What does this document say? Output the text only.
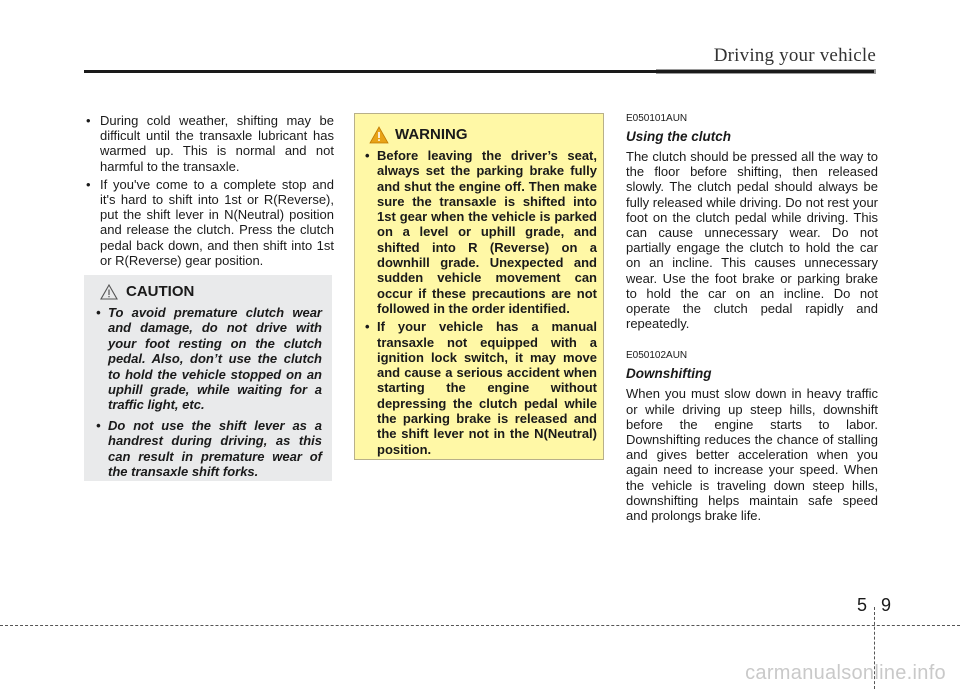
Driving your vehicle
• During cold weather, shifting may be difficult until the transaxle lubricant has warmed up. This is normal and not harmful to the transaxle.
• If you've come to a complete stop and it's hard to shift into 1st or R(Reverse), put the shift lever in N(Neutral) position and release the clutch. Press the clutch pedal back down, and then shift into 1st or R(Reverse) gear position.
CAUTION
• To avoid premature clutch wear and damage, do not drive with your foot resting on the clutch pedal. Also, don’t use the clutch to hold the vehicle stopped on an uphill grade, while waiting for a traffic light, etc.
• Do not use the shift lever as a handrest during driving, as this can result in premature wear of the transaxle shift forks.
WARNING
• Before leaving the driver’s seat, always set the parking brake fully and shut the engine off. Then make sure the transaxle is shifted into 1st gear when the vehicle is parked on a level or uphill grade, and shifted into R (Reverse) on a downhill grade. Unexpected and sudden vehicle movement can occur if these precautions are not followed in the order identified.
• If your vehicle has a manual transaxle not equipped with a ignition lock switch, it may move and cause a serious accident when starting the engine without depressing the clutch pedal while the parking brake is released and the shift lever not in the N(Neutral) position.

E050101AUN

Using the clutch

The clutch should be pressed all the way to the floor before shifting, then released slowly. The clutch pedal should always be fully released while driving. Do not rest your foot on the clutch pedal while driving. This can cause unnecessary wear. Do not partially engage the clutch to hold the car on an incline. This causes unnecessary wear. Use the foot brake or parking brake to hold the car on an incline. Do not operate the clutch pedal rapidly and repeatedly.

E050102AUN

Downshifting

When you must slow down in heavy traffic or while driving up steep hills, downshift before the engine starts to labor. Downshifting reduces the chance of stalling and gives better acceleration when you again need to increase your speed. When the vehicle is traveling down steep hills, downshifting helps maintain safe speed and prolongs brake life.

5 9
carmanualsonline.info
